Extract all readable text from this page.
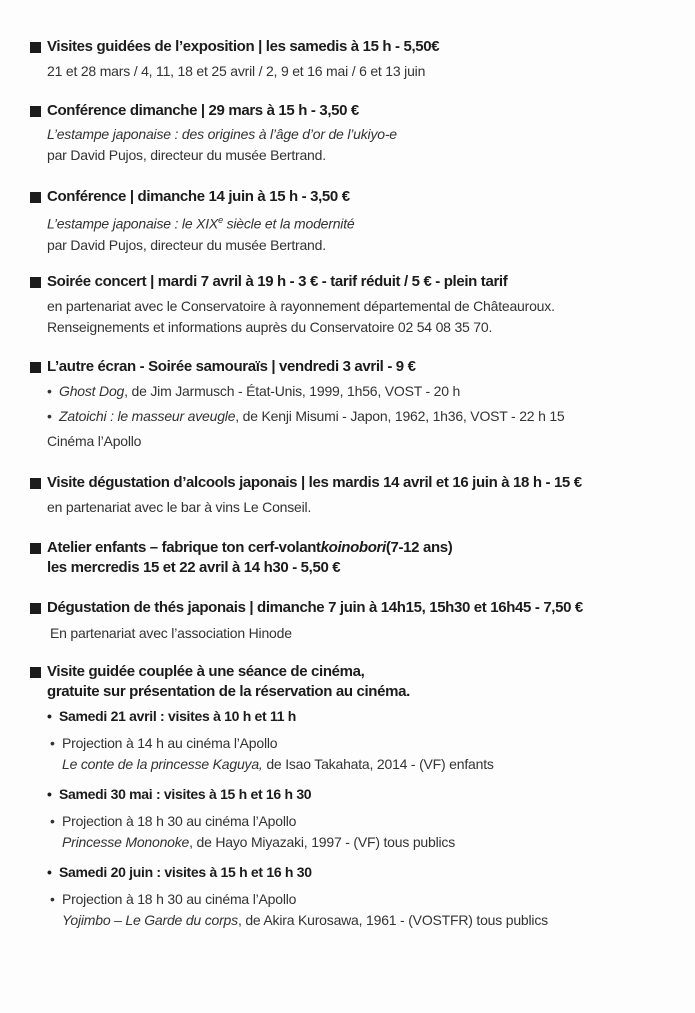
Visites guidées de l’exposition | les samedis à 15 h - 5,50€
21 et 28 mars / 4, 11, 18 et 25 avril / 2, 9 et 16 mai / 6 et 13 juin
Conférence dimanche | 29 mars à 15 h - 3,50 €
L’estampe japonaise : des origines à l’âge d’or de l’ukiyo-e
par David Pujos, directeur du musée Bertrand.
Conférence | dimanche 14 juin à 15 h - 3,50 €
L’estampe japonaise : le XIXe siècle et la modernité
par David Pujos, directeur du musée Bertrand.
Soirée concert | mardi 7 avril à 19 h - 3 € - tarif réduit / 5 € - plein tarif
en partenariat avec le Conservatoire à rayonnement départemental de Châteauroux.
Renseignements et informations auprès du Conservatoire 02 54 08 35 70.
L’autre écran - Soirée samouraïs | vendredi 3 avril - 9 €
• Ghost Dog, de Jim Jarmusch - État-Unis, 1999, 1h56, VOST - 20 h
• Zatoichi : le masseur aveugle, de Kenji Misumi - Japon, 1962, 1h36, VOST - 22 h 15
Cinéma l’Apollo
Visite dégustation d’alcools japonais | les mardis 14 avril et 16 juin à 18 h - 15 €
en partenariat avec le bar à vins Le Conseil.
Atelier enfants – fabrique ton cerf-volant koinobori (7-12 ans)
les mercredis 15 et 22 avril à 14 h30 - 5,50 €
Dégustation de thés japonais | dimanche 7 juin à 14h15, 15h30 et 16h45 - 7,50 €
En partenariat avec l’association Hinode
Visite guidée couplée à une séance de cinéma,
gratuite sur présentation de la réservation au cinéma.
• Samedi 21 avril : visites à 10 h et 11 h
• Projection à 14 h au cinéma l’Apollo
Le conte de la princesse Kaguya, de Isao Takahata, 2014 - (VF) enfants
• Samedi 30 mai : visites à 15 h et 16 h 30
• Projection à 18 h 30 au cinéma l’Apollo
Princesse Mononoke, de Hayo Miyazaki, 1997 - (VF) tous publics
• Samedi 20 juin : visites à 15 h et 16 h 30
• Projection à 18 h 30 au cinéma l’Apollo
Yojimbo – Le Garde du corps, de Akira Kurosawa, 1961 - (VOSTFR) tous publics
